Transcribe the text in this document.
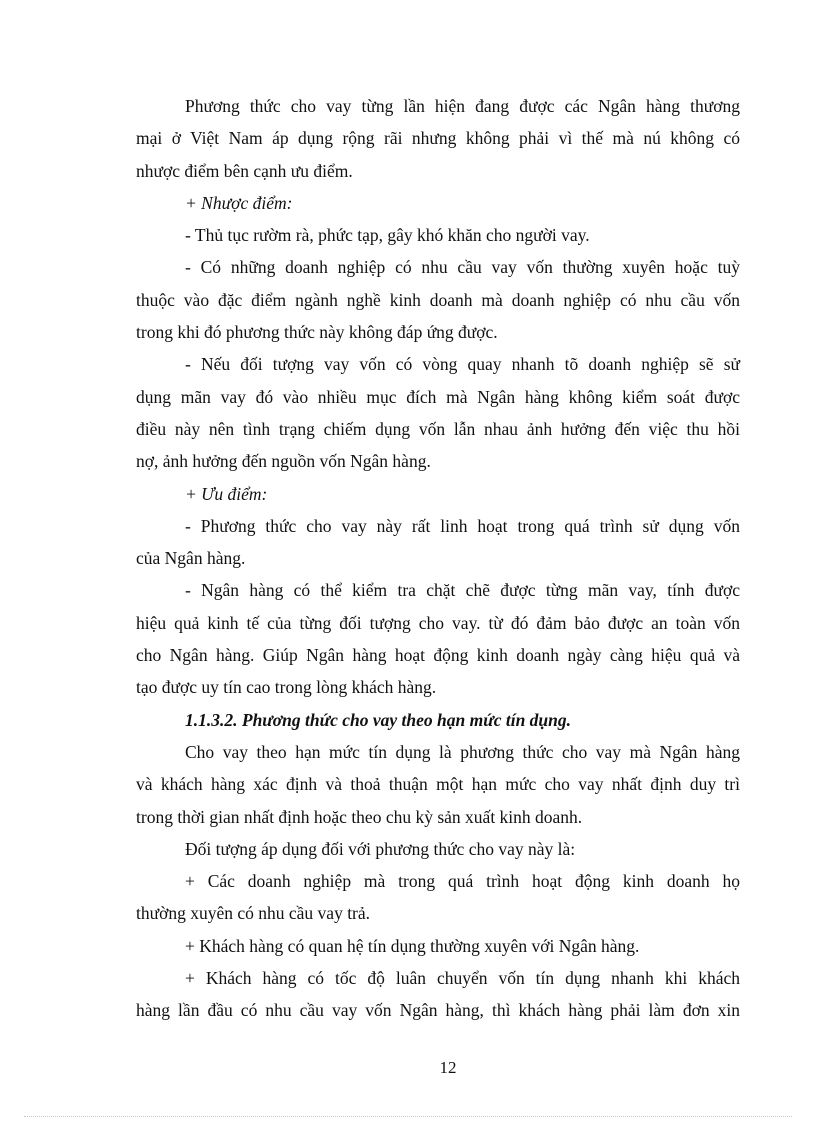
Phương thức cho vay từng lần hiện đang được các Ngân hàng thương
mại ở Việt Nam áp dụng rộng rãi nhưng không phải vì thế mà nú không có
nhược điểm bên cạnh ưu điểm.
+ Nhược điểm:
- Thủ tục rườm rà, phức tạp, gây khó khăn cho người vay.
- Có những doanh nghiệp có nhu cầu vay vốn thường xuyên hoặc tuỳ
thuộc vào đặc điểm ngành nghề kinh doanh mà doanh nghiệp có nhu cầu vốn
trong khi đó phương thức này không đáp ứng được.
- Nếu đối tượng vay vốn có vòng quay nhanh tõ doanh nghiệp sẽ sử
dụng mãn vay đó vào nhiều mục đích mà Ngân hàng không kiểm soát được
điều này nên tình trạng chiếm dụng vốn lẫn nhau ảnh hưởng đến việc thu hồi
nợ, ảnh hưởng đến nguồn vốn Ngân hàng.
+ Ưu điểm:
- Phương thức cho vay này rất linh hoạt trong quá trình sử dụng vốn
của Ngân hàng.
- Ngân hàng có thể kiểm tra chặt chẽ được từng mãn vay, tính được
hiệu quả kinh tế của từng đối tượng cho vay. từ đó đảm bảo được an toàn vốn
cho Ngân hàng. Giúp Ngân hàng hoạt động kinh doanh ngày càng hiệu quả và
tạo được uy tín cao trong lòng khách hàng.
1.1.3.2. Phương thức cho vay theo hạn mức tín dụng.
Cho vay theo hạn mức tín dụng là phương thức cho vay mà Ngân hàng
và khách hàng xác định và thoả thuận một hạn mức cho vay nhất định duy trì
trong thời gian nhất định hoặc theo chu kỳ sản xuất kinh doanh.
Đối tượng áp dụng đối với phương thức cho vay này là:
+ Các doanh nghiệp mà trong quá trình hoạt động kinh doanh họ
thường xuyên có nhu cầu vay trả.
+ Khách hàng có quan hệ tín dụng thường xuyên với Ngân hàng.
+ Khách hàng có tốc độ luân chuyển vốn tín dụng nhanh khi khách
hàng lần đầu có nhu cầu vay vốn Ngân hàng, thì khách hàng phải làm đơn xin
12
